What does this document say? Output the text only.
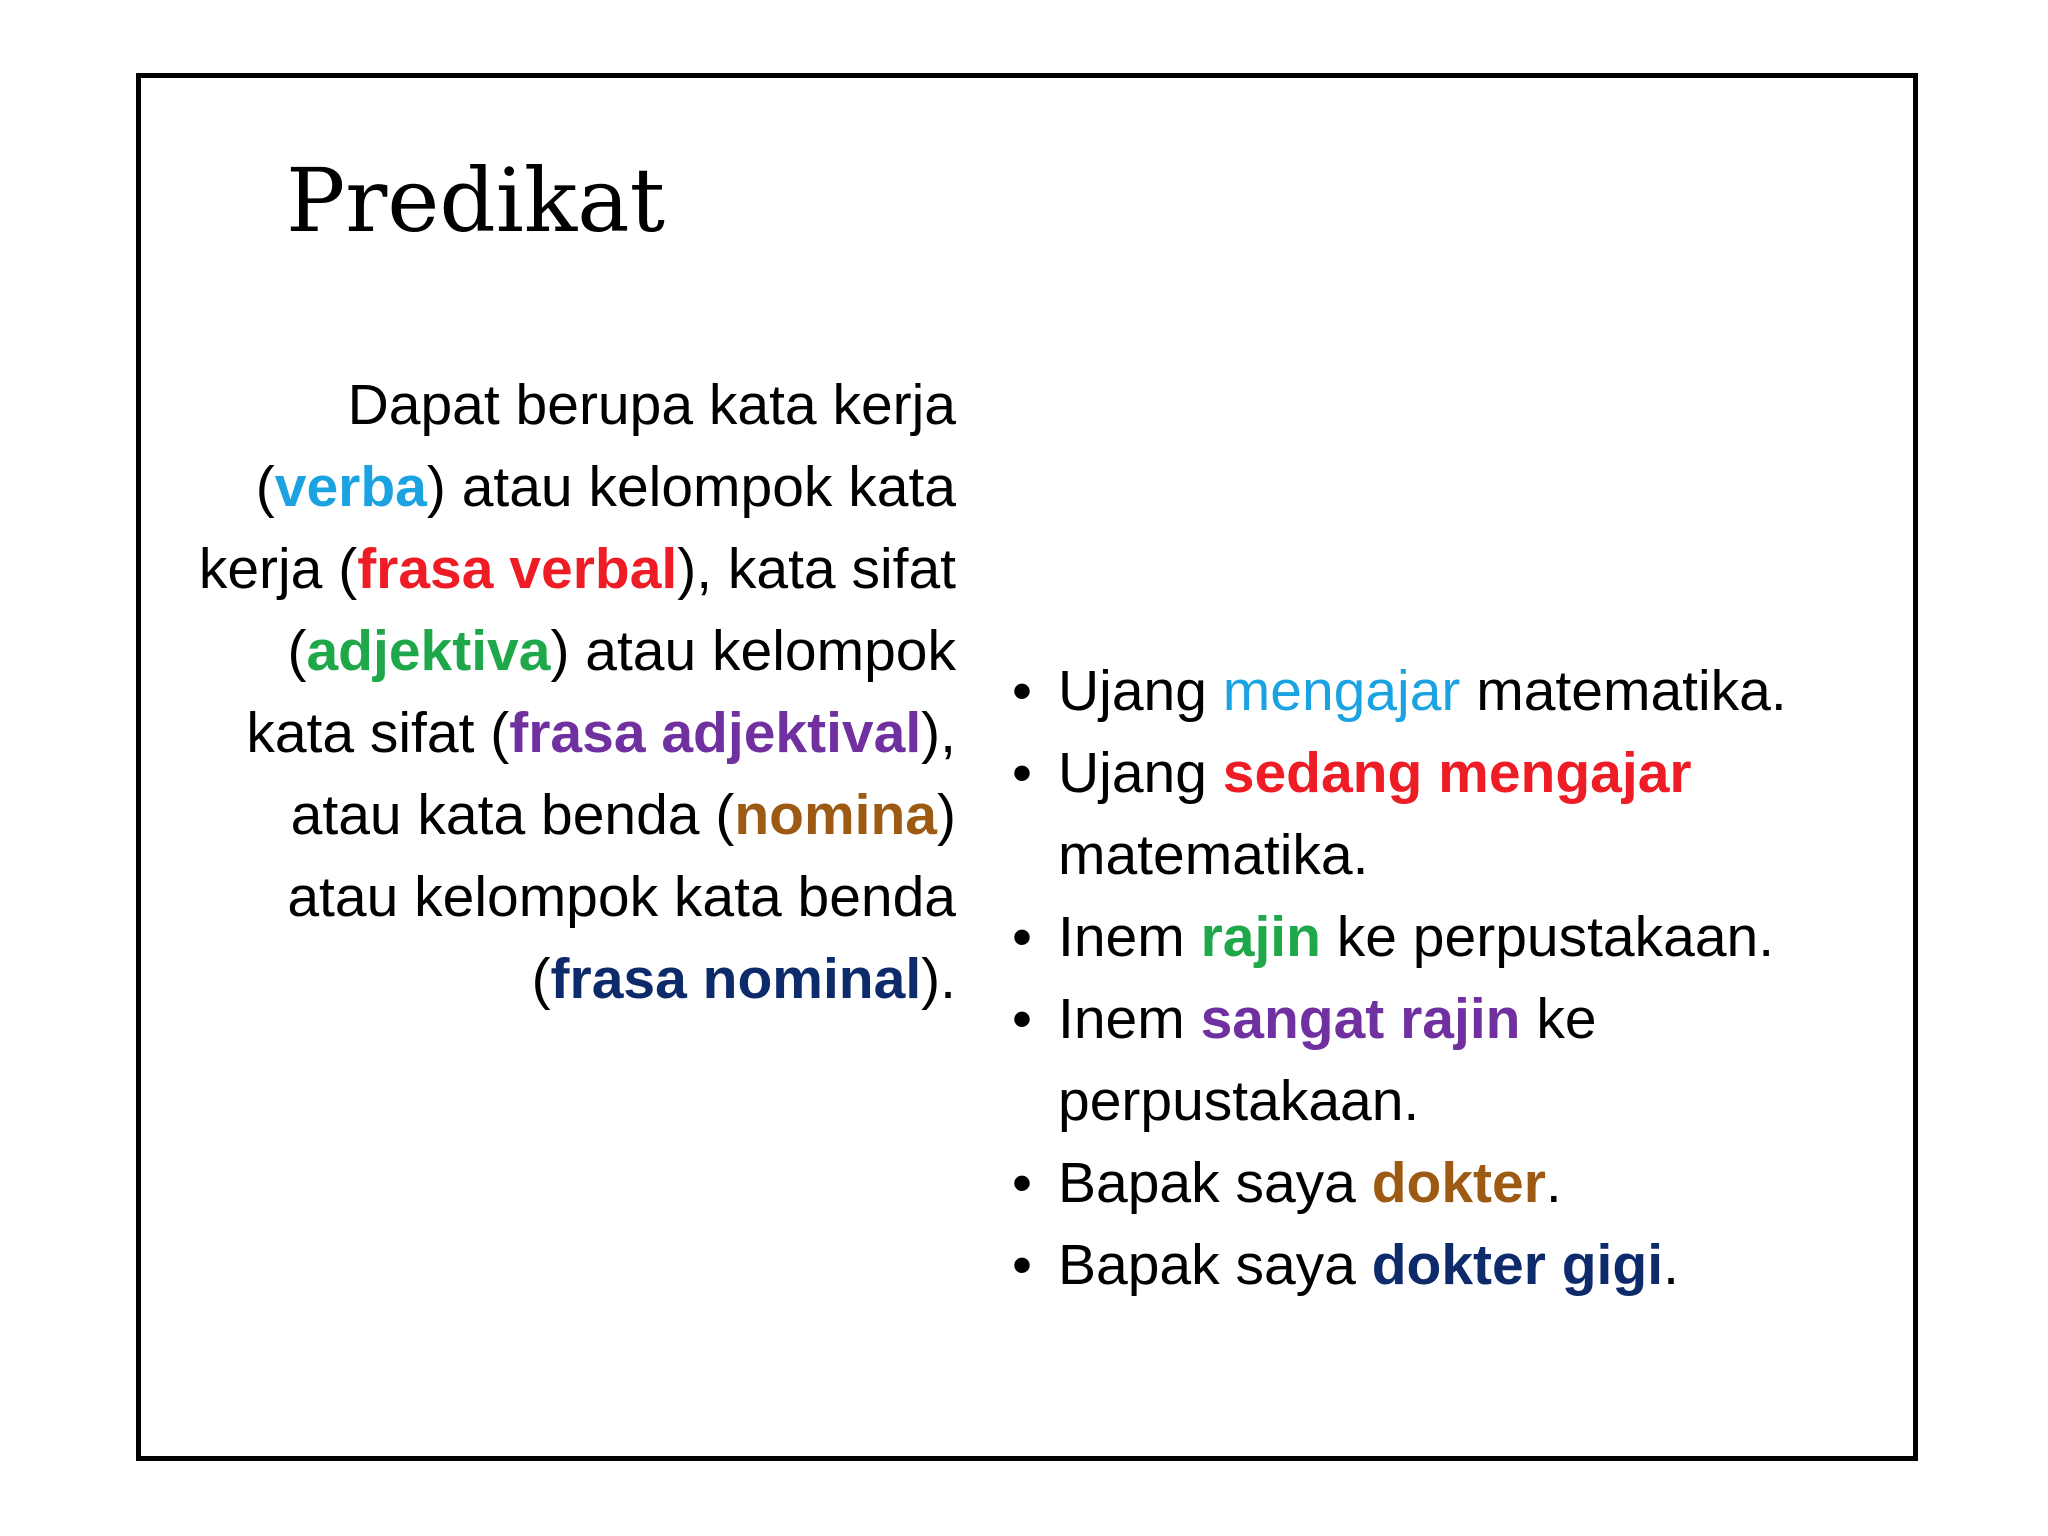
Predikat

Dapat berupa kata kerja (verba) atau kelompok kata kerja (frasa verbal), kata sifat (adjektiva) atau kelompok kata sifat (frasa adjektival), atau kata benda (nomina) atau kelompok kata benda (frasa nominal).

• Ujang mengajar matematika.
• Ujang sedang mengajar matematika.
• Inem rajin ke perpustakaan.
• Inem sangat rajin ke perpustakaan.
• Bapak saya dokter.
• Bapak saya dokter gigi.
